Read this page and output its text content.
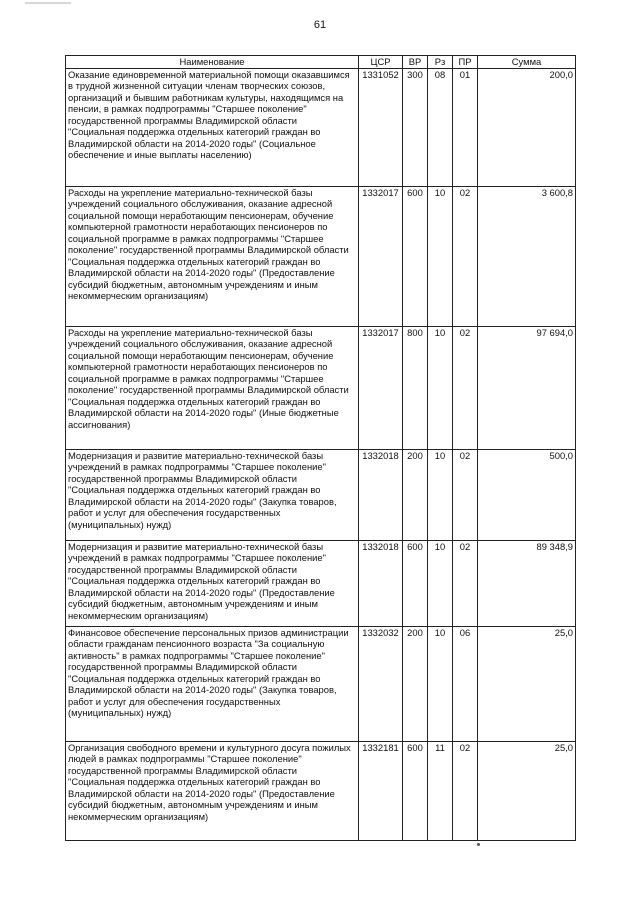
61
Наименование	ЦСР	ВР	Рз	ПР	Сумма
Оказание единовременной материальной помощи оказавшимся в трудной жизненной ситуации членам творческих союзов, организаций и бывшим работникам культуры, находящимся на пенсии, в рамках подпрограммы "Старшее поколение" государственной программы Владимирской области "Социальная поддержка отдельных категорий граждан во Владимирской области на 2014-2020 годы" (Социальное обеспечение и иные выплаты населению)	1331052	300	08	01	200,0
Расходы на укрепление материально-технической базы учреждений социального обслуживания, оказание адресной социальной помощи неработающим пенсионерам, обучение компьютерной грамотности неработающих пенсионеров по социальной программе в рамках подпрограммы "Старшее поколение" государственной программы Владимирской области "Социальная поддержка отдельных категорий граждан во Владимирской области на 2014-2020 годы" (Предоставление субсидий бюджетным, автономным учреждениям и иным некоммерческим организациям)	1332017	600	10	02	3 600,8
Расходы на укрепление материально-технической базы учреждений социального обслуживания, оказание адресной социальной помощи неработающим пенсионерам, обучение компьютерной грамотности неработающих пенсионеров по социальной программе в рамках подпрограммы "Старшее поколение" государственной программы Владимирской области "Социальная поддержка отдельных категорий граждан во Владимирской области на 2014-2020 годы" (Иные бюджетные ассигнования)	1332017	800	10	02	97 694,0
Модернизация и развитие материально-технической базы учреждений в рамках подпрограммы "Старшее поколение" государственной программы Владимирской области "Социальная поддержка отдельных категорий граждан во Владимирской области на 2014-2020 годы" (Закупка товаров, работ и услуг для обеспечения государственных (муниципальных) нужд)	1332018	200	10	02	500,0
Модернизация и развитие материально-технической базы учреждений в рамках подпрограммы "Старшее поколение" государственной программы Владимирской области "Социальная поддержка отдельных категорий граждан во Владимирской области на 2014-2020 годы" (Предоставление субсидий бюджетным, автономным учреждениям и иным некоммерческим организациям)	1332018	600	10	02	89 348,9
Финансовое обеспечение персональных призов администрации области гражданам пенсионного возраста "За социальную активность" в рамках подпрограммы "Старшее поколение" государственной программы Владимирской области "Социальная поддержка отдельных категорий граждан во Владимирской области на 2014-2020 годы" (Закупка товаров, работ и услуг для обеспечения государственных (муниципальных) нужд)	1332032	200	10	06	25,0
Организация свободного времени и культурного досуга пожилых людей в рамках подпрограммы "Старшее поколение" государственной программы Владимирской области "Социальная поддержка отдельных категорий граждан во Владимирской области на 2014-2020 годы" (Предоставление субсидий бюджетным, автономным учреждениям и иным некоммерческим организациям)	1332181	600	11	02	25,0
